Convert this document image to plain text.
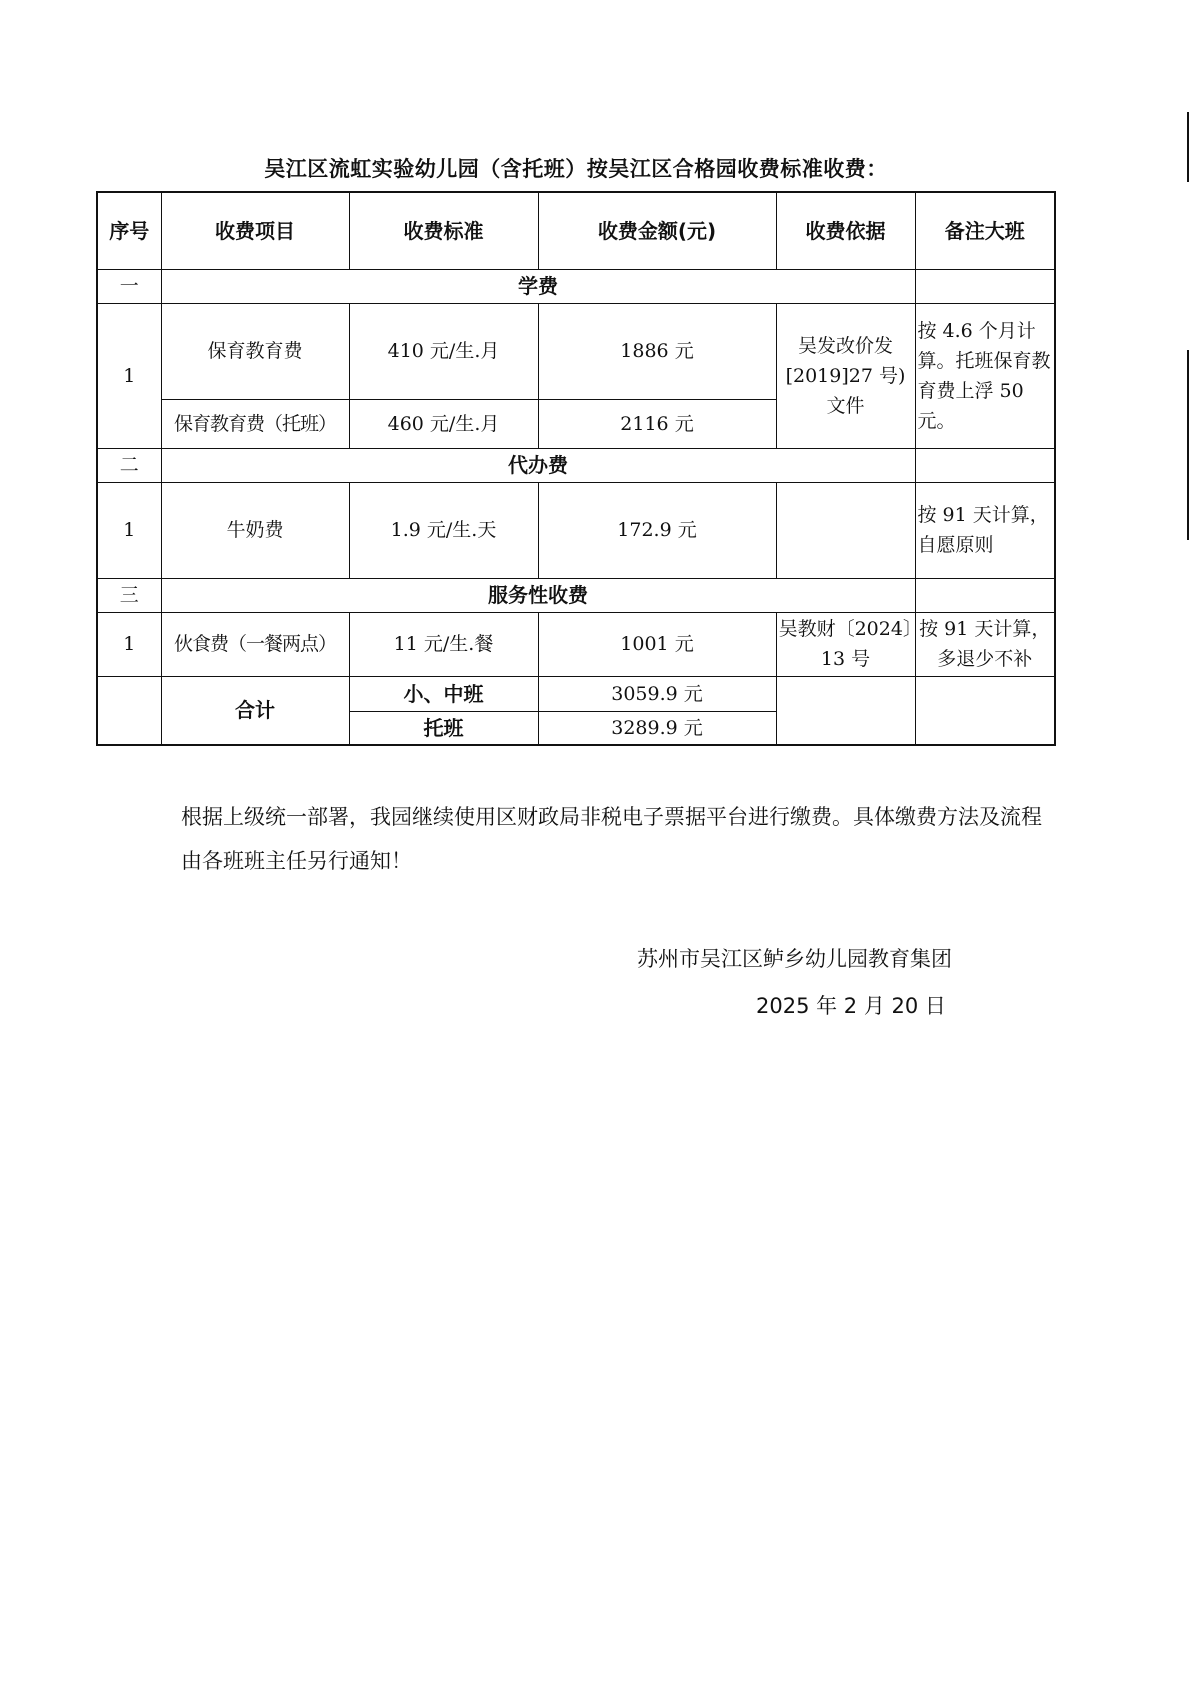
吴江区流虹实验幼儿园（含托班）按吴江区合格园收费标准收费：
序号	收费项目	收费标准	收费金额(元)	收费依据	备注大班
一	学费				
1	保育教育费	410 元/生.月	1886 元	吴发改价发[2019]27 号)文件	按 4.6 个月计算。托班保育教育费上浮 50 元。
	保育教育费（托班）	460 元/生.月	2116 元		
二	代办费				
1	牛奶费	1.9 元/生.天	172.9 元		按 91 天计算，自愿原则
三	服务性收费				
1	伙食费（一餐两点）	11 元/生.餐	1001 元	吴教财〔2024〕13 号	按 91 天计算，多退少不补
	合计	小、中班	3059.9 元		
		托班	3289.9 元		
根据上级统一部署，我园继续使用区财政局非税电子票据平台进行缴费。具体缴费方法及流程由各班班主任另行通知！
苏州市吴江区鲈乡幼儿园教育集团
2025 年 2 月 20 日
